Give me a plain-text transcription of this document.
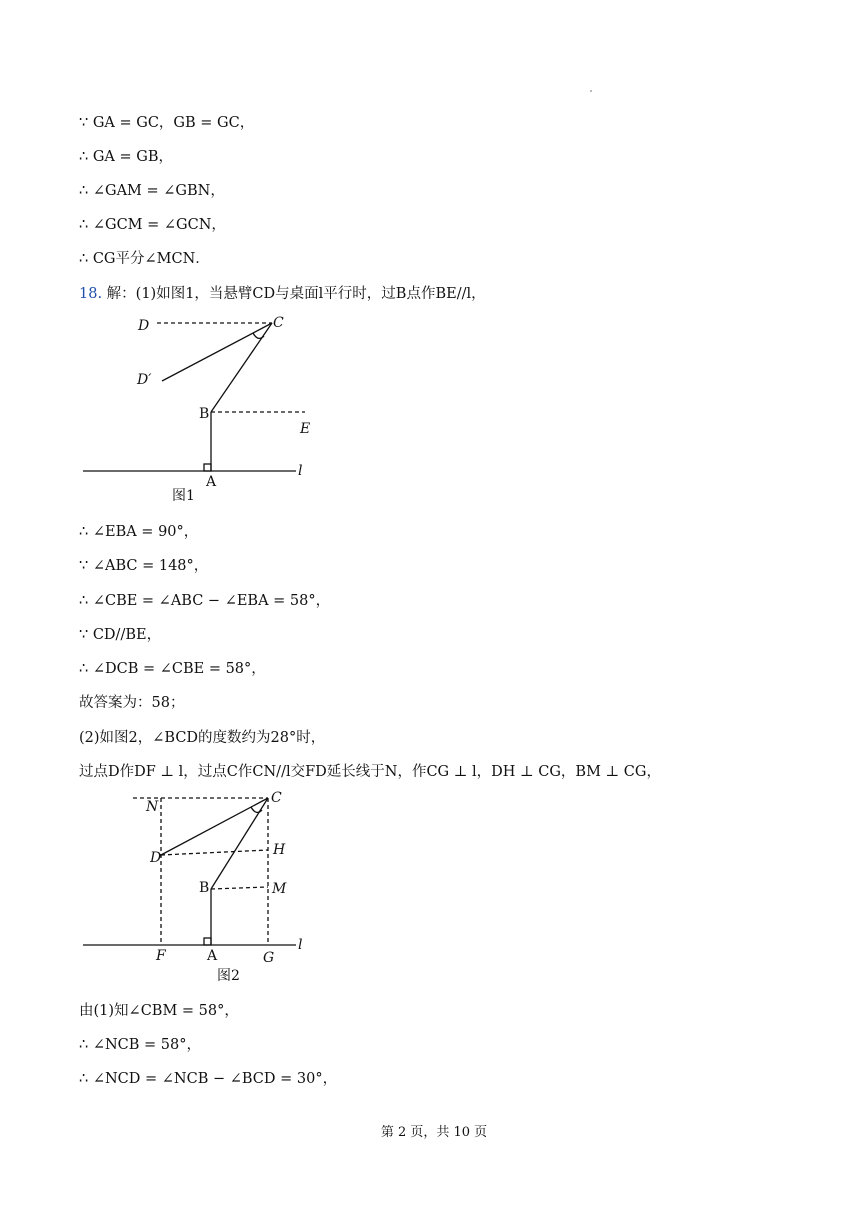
∵ GA = GC，GB = GC，
∴ GA = GB，
∴ ∠GAM = ∠GBN，
∴ ∠GCM = ∠GCN，
∴ CG平分∠MCN．
18. 解：(1)如图1，当悬臂CD与桌面l平行时，过B点作BE//l，
D	C
D′
B
E
A
l
图1
N
C
D	H
B	M
F	A	G
l
图2
∴ ∠EBA = 90°，
∵ ∠ABC = 148°，
∴ ∠CBE = ∠ABC − ∠EBA = 58°，
∵ CD//BE，
∴ ∠DCB = ∠CBE = 58°，
故答案为：58；
(2)如图2，∠BCD的度数约为28°时，
过点D作DF ⊥ l，过点C作CN//l交FD延长线于N，作CG ⊥ l，DH ⊥ CG，BM ⊥ CG，
由(1)知∠CBM = 58°，
∴ ∠NCB = 58°，
∴ ∠NCD = ∠NCB − ∠BCD = 30°，
第 2 页，共 10 页
